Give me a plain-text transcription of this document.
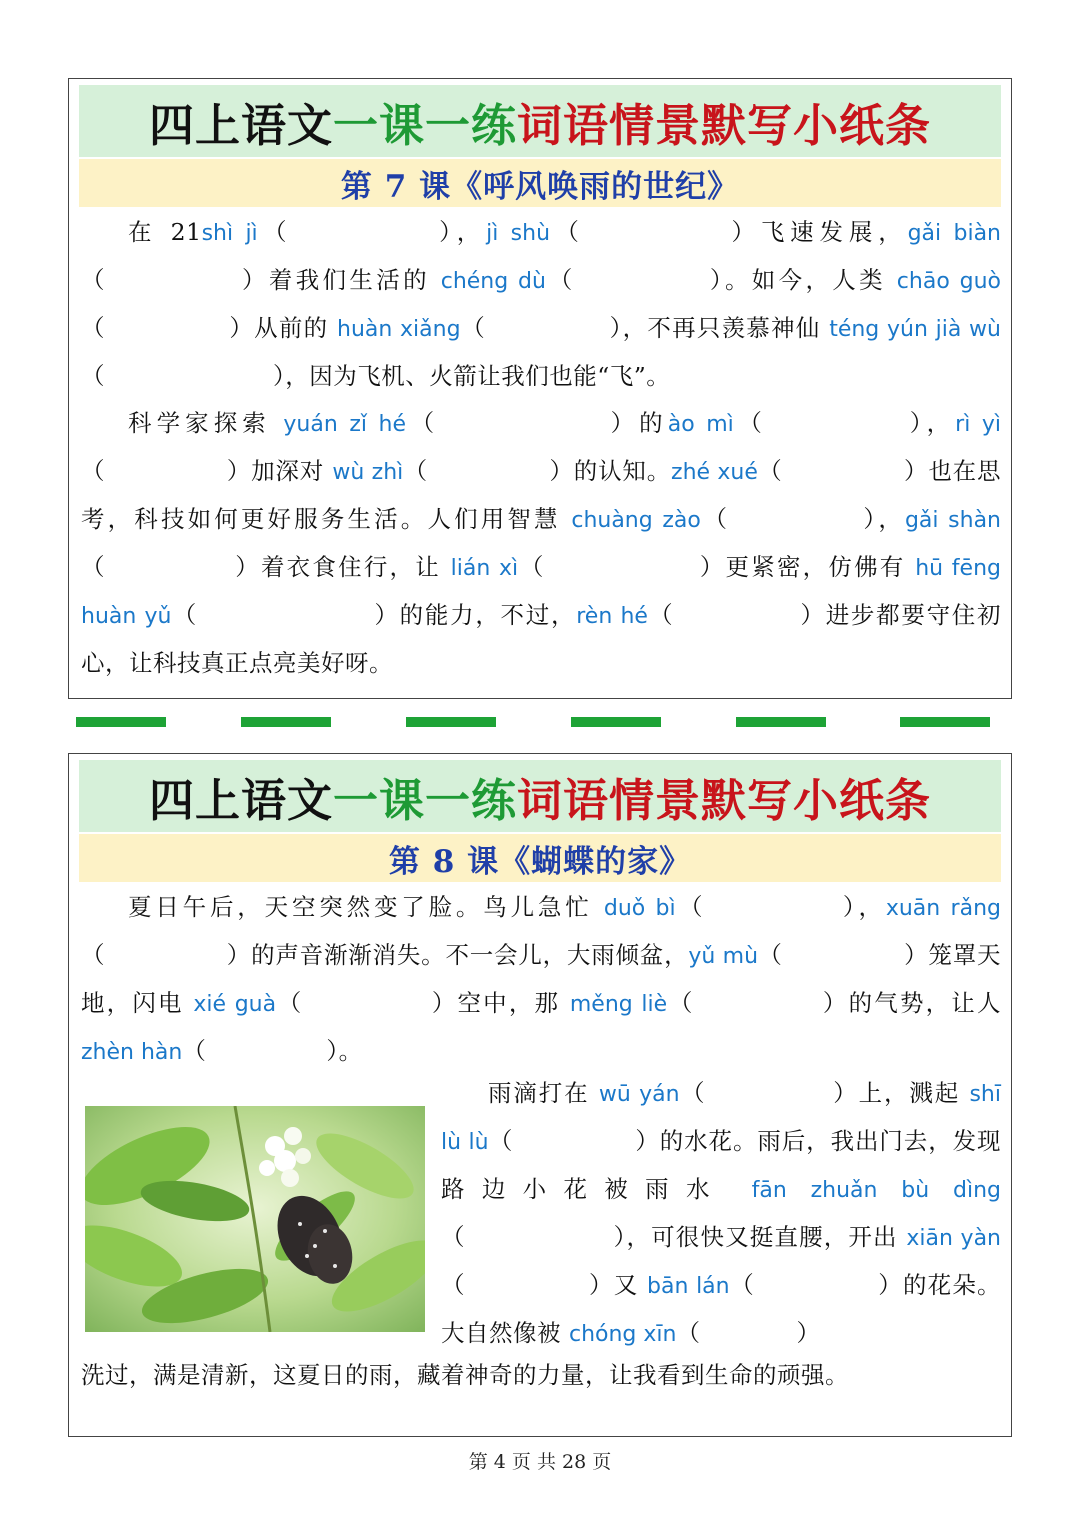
四上语文 一课一练 词语情景默写小纸条
第 7 课《呼风唤雨的世纪》

在 21shì jì（　　　　　），jì shù（　　　　　）飞速发展，gǎi biàn（　　　　　）着我们生活的 chéng dù（　　　　　）。如今，人类 chāo guò（　　　　　）从前的 huàn xiǎng（　　　　　），不再只羡慕神仙 téng yún jià wù（　　　　　　　），因为飞机、火箭让我们也能“飞”。

科学家探索 yuán zǐ hé（　　　　　　）的ào mì（　　　　　），rì yì（　　　　　）加深对 wù zhì（　　　　　）的认知。zhé xué（　　　　　）也在思考，科技如何更好服务生活。人们用智慧 chuàng zào（　　　　　），gǎi shàn（　　　　　）着衣食住行，让 lián xì（　　　　　　）更紧密，仿佛有 hū fēng huàn yǔ（　　　　　　　）的能力，不过，rèn hé（　　　　　）进步都要守住初心，让科技真正点亮美好呀。

四上语文 一课一练 词语情景默写小纸条
第 8 课《蝴蝶的家》

夏日午后，天空突然变了脸。鸟儿急忙 duǒ bì（　　　　　），xuān rǎng（　　　　　）的声音渐渐消失。不一会儿，大雨倾盆，yǔ mù（　　　　　）笼罩天地，闪电 xié guà（　　　　　）空中，那 měng liè（　　　　　）的气势，让人 zhèn hàn（　　　　　）。

雨滴打在 wū yán（　　　　　）上，溅起 shī lù lù（　　　　　）的水花。雨后，我出门去，发现路边小花被雨水 fān zhuǎn bù dìng（　　　　　　），可很快又挺直腰，开出 xiān yàn（　　　　　）又 bān lán（　　　　　）的花朵。大自然像被 chóng xīn（　　　　）

洗过，满是清新，这夏日的雨，藏着神奇的力量，让我看到生命的顽强。
第 4 页 共 28 页
